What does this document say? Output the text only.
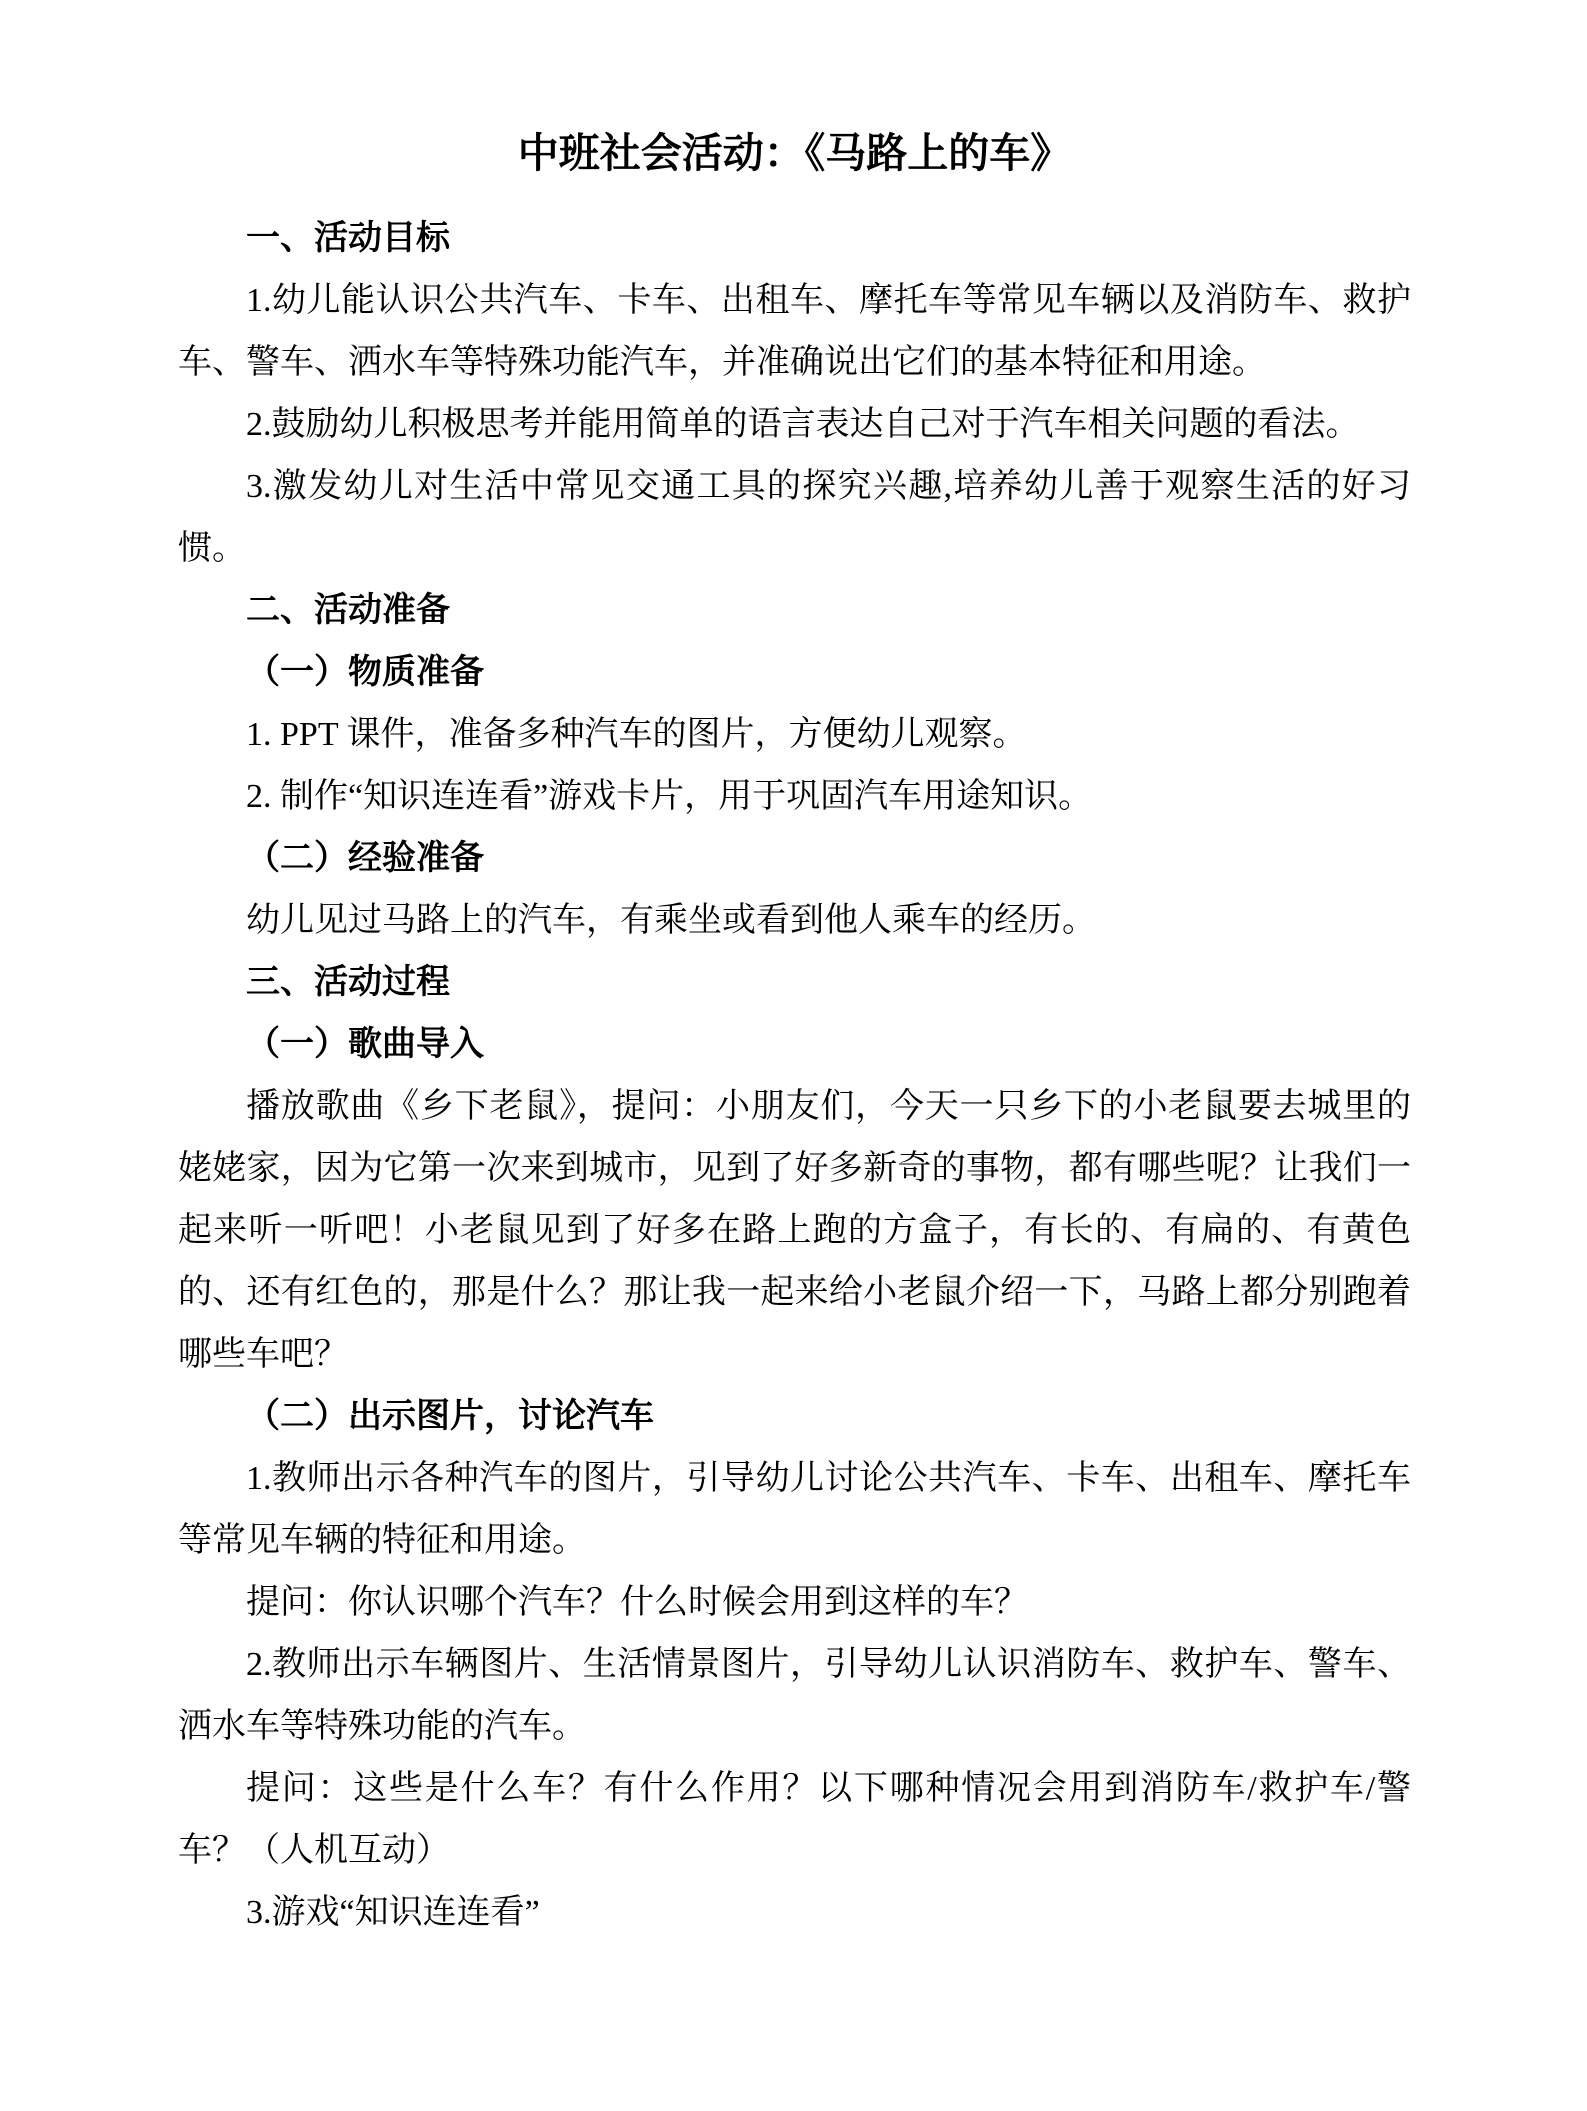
中班社会活动：《马路上的车》

一、活动目标

1.幼儿能认识公共汽车、卡车、出租车、摩托车等常见车辆以及消防车、救护车、警车、洒水车等特殊功能汽车，并准确说出它们的基本特征和用途。

2.鼓励幼儿积极思考并能用简单的语言表达自己对于汽车相关问题的看法。

3.激发幼儿对生活中常见交通工具的探究兴趣,培养幼儿善于观察生活的好习惯。

二、活动准备

（一）物质准备

1. PPT 课件，准备多种汽车的图片，方便幼儿观察。

2. 制作“知识连连看”游戏卡片，用于巩固汽车用途知识。

（二）经验准备

幼儿见过马路上的汽车，有乘坐或看到他人乘车的经历。

三、活动过程

（一）歌曲导入

播放歌曲《乡下老鼠》，提问：小朋友们，今天一只乡下的小老鼠要去城里的姥姥家，因为它第一次来到城市，见到了好多新奇的事物，都有哪些呢？让我们一起来听一听吧！小老鼠见到了好多在路上跑的方盒子，有长的、有扁的、有黄色的、还有红色的，那是什么？那让我一起来给小老鼠介绍一下，马路上都分别跑着哪些车吧？

（二）出示图片，讨论汽车

1.教师出示各种汽车的图片，引导幼儿讨论公共汽车、卡车、出租车、摩托车等常见车辆的特征和用途。

提问：你认识哪个汽车？什么时候会用到这样的车？

2.教师出示车辆图片、生活情景图片，引导幼儿认识消防车、救护车、警车、洒水车等特殊功能的汽车。

提问：这些是什么车？有什么作用？以下哪种情况会用到消防车/救护车/警车？（人机互动）

3.游戏“知识连连看”
